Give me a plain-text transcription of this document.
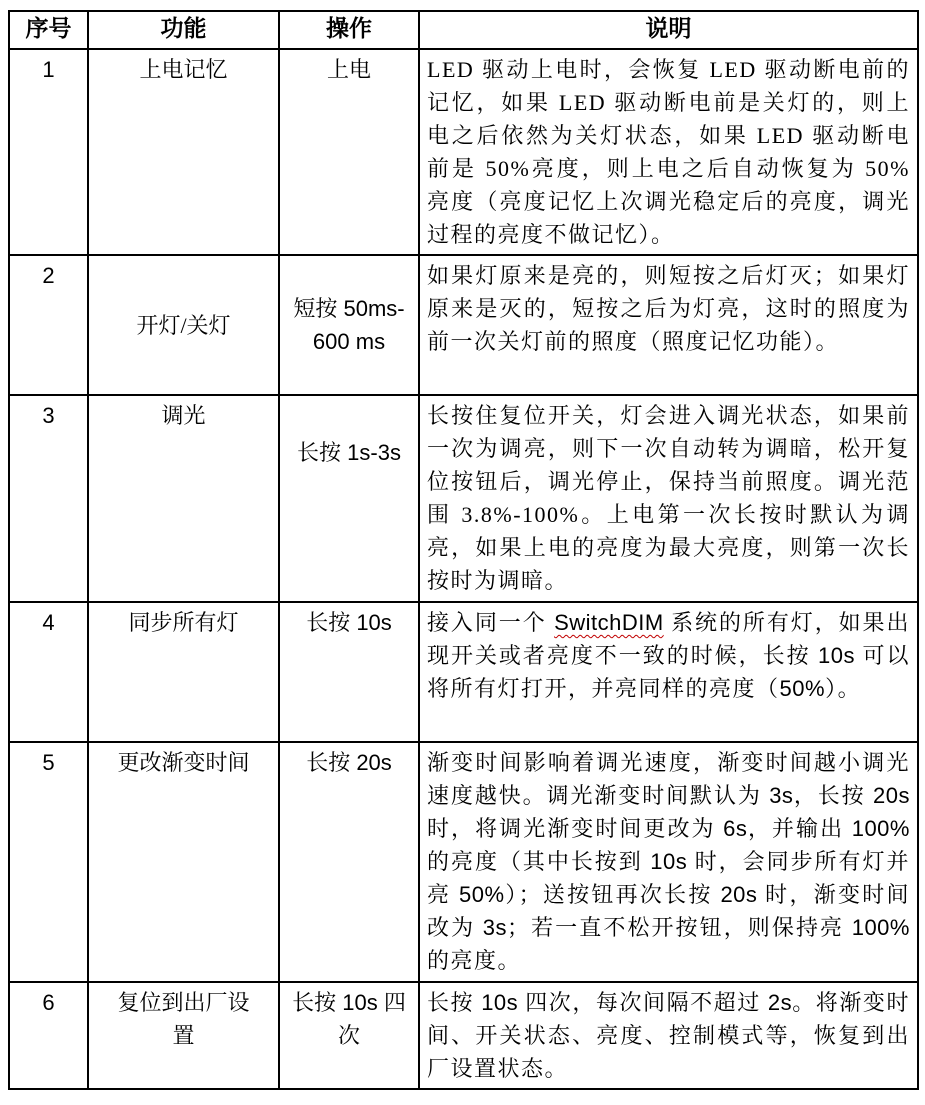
序号	功能	操作	说明
1	上电记忆	上电	LED 驱动上电时，会恢复 LED 驱动断电前的记忆，如果 LED 驱动断电前是关灯的，则上电之后依然为关灯状态，如果 LED 驱动断电前是 50%亮度，则上电之后自动恢复为 50% 亮度（亮度记忆上次调光稳定后的亮度，调光过程的亮度不做记忆）。
2	开灯/关灯	短按 50ms-600 ms	如果灯原来是亮的，则短按之后灯灭；如果灯原来是灭的，短按之后为灯亮，这时的照度为前一次关灯前的照度（照度记忆功能）。
3	调光	长按 1s-3s	长按住复位开关，灯会进入调光状态，如果前一次为调亮，则下一次自动转为调暗，松开复位按钮后，调光停止，保持当前照度。调光范围 3.8%-100%。上电第一次长按时默认为调亮，如果上电的亮度为最大亮度，则第一次长按时为调暗。
4	同步所有灯	长按 10s	接入同一个 SwitchDIM 系统的所有灯，如果出现开关或者亮度不一致的时候，长按 10s 可以将所有灯打开，并亮同样的亮度（50%）。
5	更改渐变时间	长按 20s	渐变时间影响着调光速度，渐变时间越小调光速度越快。调光渐变时间默认为 3s，长按 20s 时，将调光渐变时间更改为 6s，并输出 100%的亮度（其中长按到 10s 时，会同步所有灯并亮 50%）；送按钮再次长按 20s 时，渐变时间改为 3s；若一直不松开按钮，则保持亮 100%的亮度。
6	复位到出厂设置	长按 10s 四次	长按 10s 四次，每次间隔不超过 2s。将渐变时间、开关状态、亮度、控制模式等，恢复到出厂设置状态。
